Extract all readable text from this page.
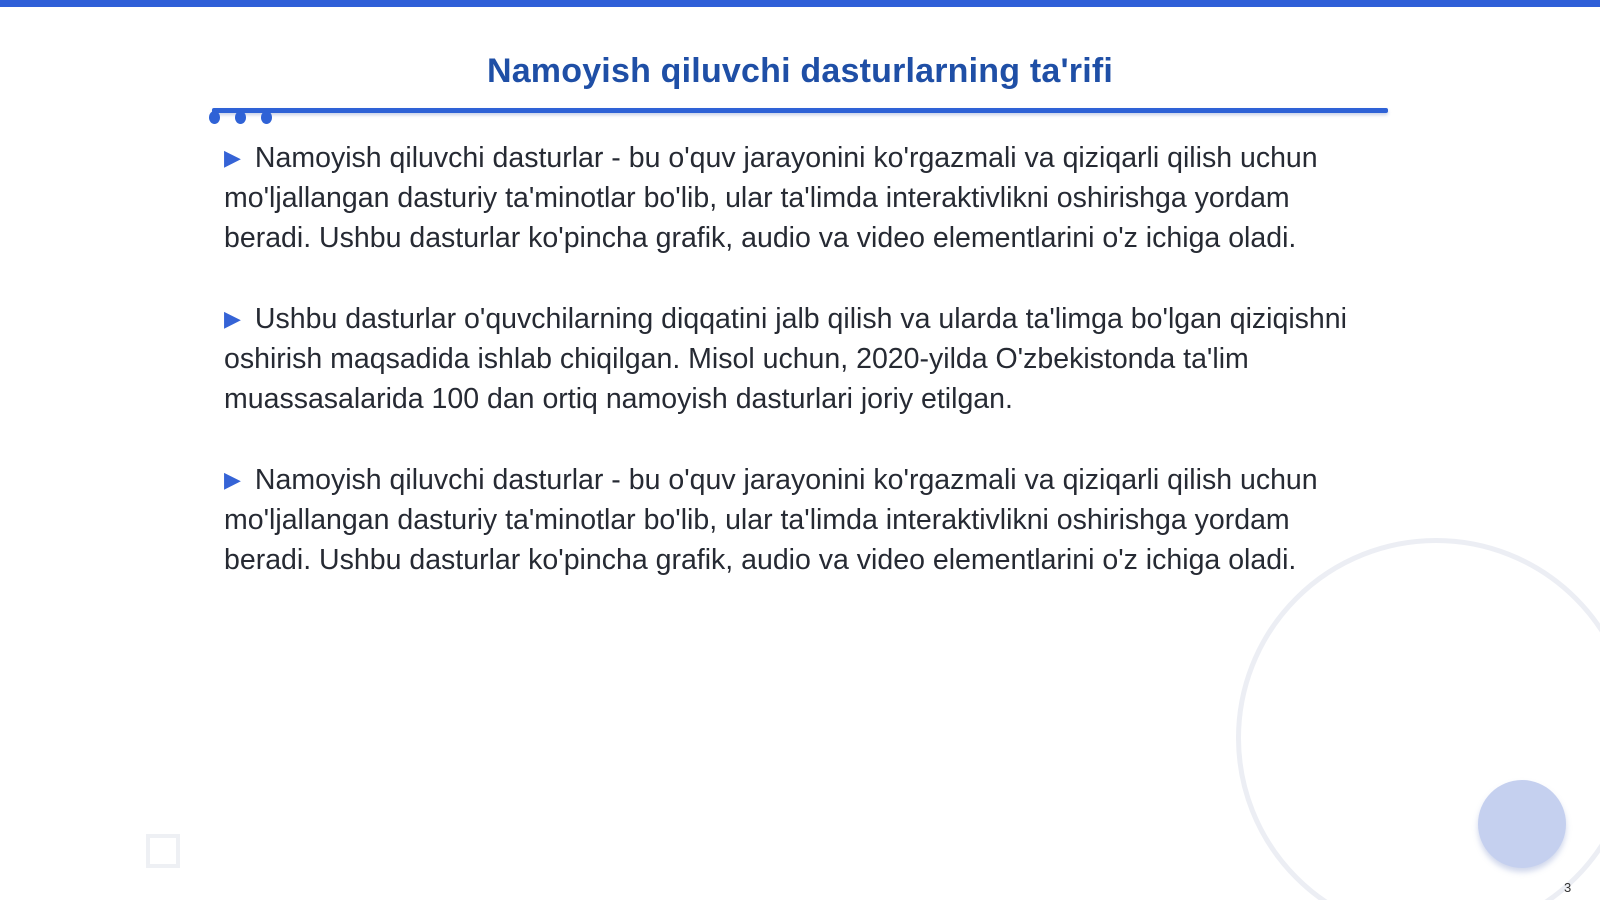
Namoyish qiluvchi dasturlarning ta'rifi
▶ Namoyish qiluvchi dasturlar - bu o'quv jarayonini ko'rgazmali va qiziqarli qilish uchun mo'ljallangan dasturiy ta'minotlar bo'lib, ular ta'limda interaktivlikni oshirishga yordam beradi. Ushbu dasturlar ko'pincha grafik, audio va video elementlarini o'z ichiga oladi.
▶ Ushbu dasturlar o'quvchilarning diqqatini jalb qilish va ularda ta'limga bo'lgan qiziqishni oshirish maqsadida ishlab chiqilgan. Misol uchun, 2020-yilda O'zbekistonda ta'lim muassasalarida 100 dan ortiq namoyish dasturlari joriy etilgan.
▶ Namoyish qiluvchi dasturlar - bu o'quv jarayonini ko'rgazmali va qiziqarli qilish uchun mo'ljallangan dasturiy ta'minotlar bo'lib, ular ta'limda interaktivlikni oshirishga yordam beradi. Ushbu dasturlar ko'pincha grafik, audio va video elementlarini o'z ichiga oladi.
3
